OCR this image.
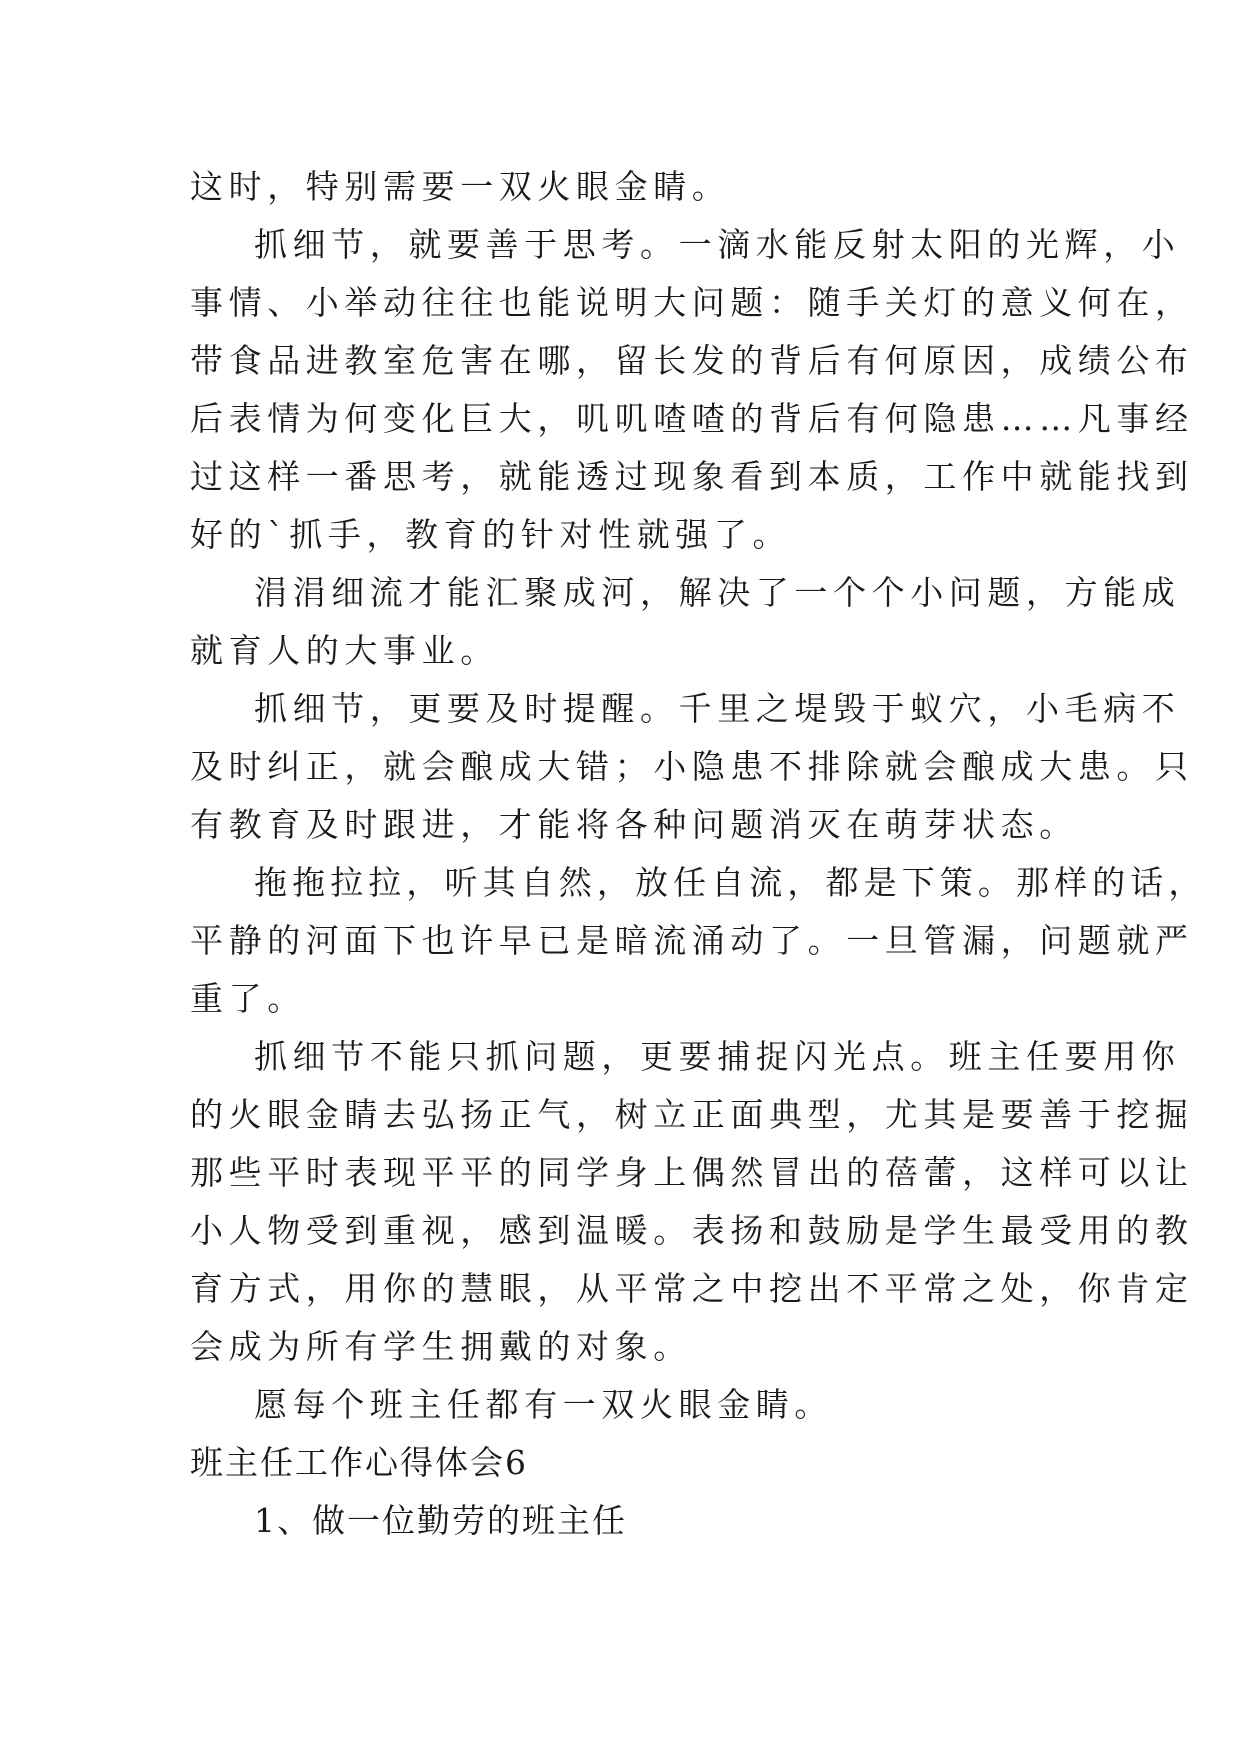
这时，特别需要一双火眼金睛。
抓细节，就要善于思考。一滴水能反射太阳的光辉，小
事情、小举动往往也能说明大问题：随手关灯的意义何在，
带食品进教室危害在哪，留长发的背后有何原因，成绩公布
后表情为何变化巨大，叽叽喳喳的背后有何隐患……凡事经
过这样一番思考，就能透过现象看到本质，工作中就能找到
好的`抓手，教育的针对性就强了。
涓涓细流才能汇聚成河，解决了一个个小问题，方能成
就育人的大事业。
抓细节，更要及时提醒。千里之堤毁于蚁穴，小毛病不
及时纠正，就会酿成大错；小隐患不排除就会酿成大患。只
有教育及时跟进，才能将各种问题消灭在萌芽状态。
拖拖拉拉，听其自然，放任自流，都是下策。那样的话，
平静的河面下也许早已是暗流涌动了。一旦管漏，问题就严
重了。
抓细节不能只抓问题，更要捕捉闪光点。班主任要用你
的火眼金睛去弘扬正气，树立正面典型，尤其是要善于挖掘
那些平时表现平平的同学身上偶然冒出的蓓蕾，这样可以让
小人物受到重视，感到温暖。表扬和鼓励是学生最受用的教
育方式，用你的慧眼，从平常之中挖出不平常之处，你肯定
会成为所有学生拥戴的对象。
愿每个班主任都有一双火眼金睛。
班主任工作心得体会6
1、做一位勤劳的班主任
